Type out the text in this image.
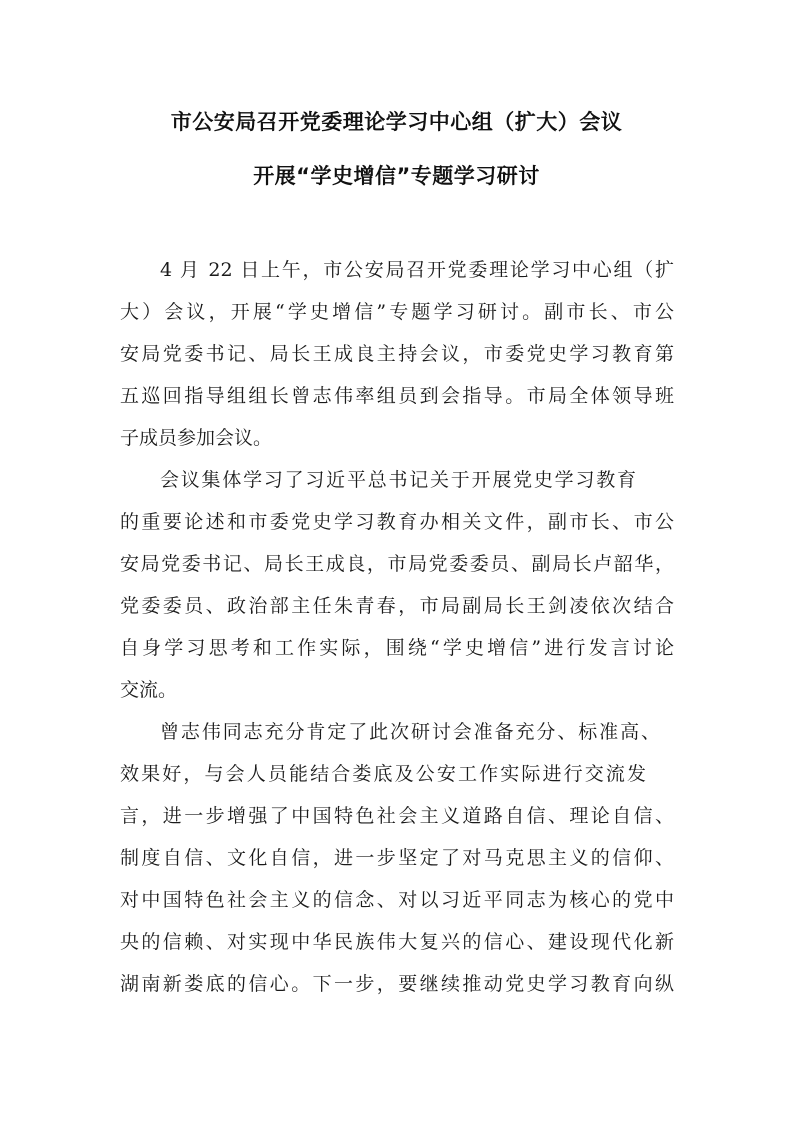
市公安局召开党委理论学习中心组（扩大）会议
开展“学史增信”专题学习研讨
4 月 22 日上午，市公安局召开党委理论学习中心组（扩
大）会议，开展“学史增信”专题学习研讨。副市长、市公
安局党委书记、局长王成良主持会议，市委党史学习教育第
五巡回指导组组长曾志伟率组员到会指导。市局全体领导班
子成员参加会议。
会议集体学习了习近平总书记关于开展党史学习教育
的重要论述和市委党史学习教育办相关文件，副市长、市公
安局党委书记、局长王成良，市局党委委员、副局长卢韶华，
党委委员、政治部主任朱青春，市局副局长王剑凌依次结合
自身学习思考和工作实际，围绕“学史增信”进行发言讨论
交流。
曾志伟同志充分肯定了此次研讨会准备充分、标准高、
效果好，与会人员能结合娄底及公安工作实际进行交流发
言，进一步增强了中国特色社会主义道路自信、理论自信、
制度自信、文化自信，进一步坚定了对马克思主义的信仰、
对中国特色社会主义的信念、对以习近平同志为核心的党中
央的信赖、对实现中华民族伟大复兴的信心、建设现代化新
湖南新娄底的信心。下一步，要继续推动党史学习教育向纵
